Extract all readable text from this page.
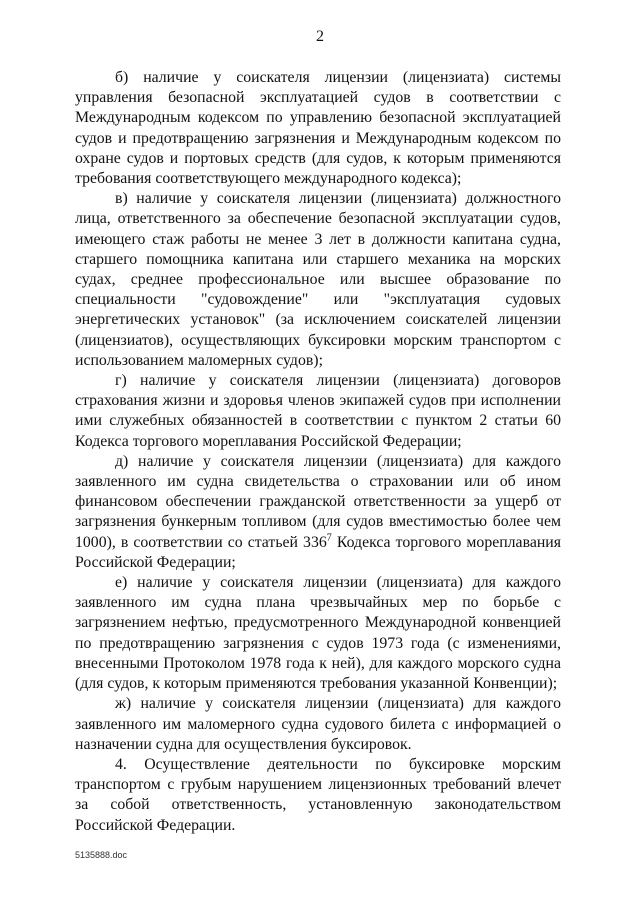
2

б) наличие у соискателя лицензии (лицензиата) системы управления безопасной эксплуатацией судов в соответствии с Международным кодексом по управлению безопасной эксплуатацией судов и предотвращению загрязнения и Международным кодексом по охране судов и портовых средств (для судов, к которым применяются требования соответствующего международного кодекса);

в) наличие у соискателя лицензии (лицензиата) должностного лица, ответственного за обеспечение безопасной эксплуатации судов, имеющего стаж работы не менее 3 лет в должности капитана судна, старшего помощника капитана или старшего механика на морских судах, среднее профессиональное или высшее образование по специальности "судовождение" или "эксплуатация судовых энергетических установок" (за исключением соискателей лицензии (лицензиатов), осуществляющих буксировки морским транспортом с использованием маломерных судов);

г) наличие у соискателя лицензии (лицензиата) договоров страхования жизни и здоровья членов экипажей судов при исполнении ими служебных обязанностей в соответствии с пунктом 2 статьи 60 Кодекса торгового мореплавания Российской Федерации;

д) наличие у соискателя лицензии (лицензиата) для каждого заявленного им судна свидетельства о страховании или об ином финансовом обеспечении гражданской ответственности за ущерб от загрязнения бункерным топливом (для судов вместимостью более чем 1000), в соответствии со статьей $336^7$ Кодекса торгового мореплавания Российской Федерации;

е) наличие у соискателя лицензии (лицензиата) для каждого заявленного им судна плана чрезвычайных мер по борьбе с загрязнением нефтью, предусмотренного Международной конвенцией по предотвращению загрязнения с судов 1973 года (с изменениями, внесенными Протоколом 1978 года к ней), для каждого морского судна (для судов, к которым применяются требования указанной Конвенции);

ж) наличие у соискателя лицензии (лицензиата) для каждого заявленного им маломерного судна судового билета с информацией о назначении судна для осуществления буксировок.

4. Осуществление деятельности по буксировке морским транспортом с грубым нарушением лицензионных требований влечет за собой ответственность, установленную законодательством Российской Федерации.

5135888.doc
